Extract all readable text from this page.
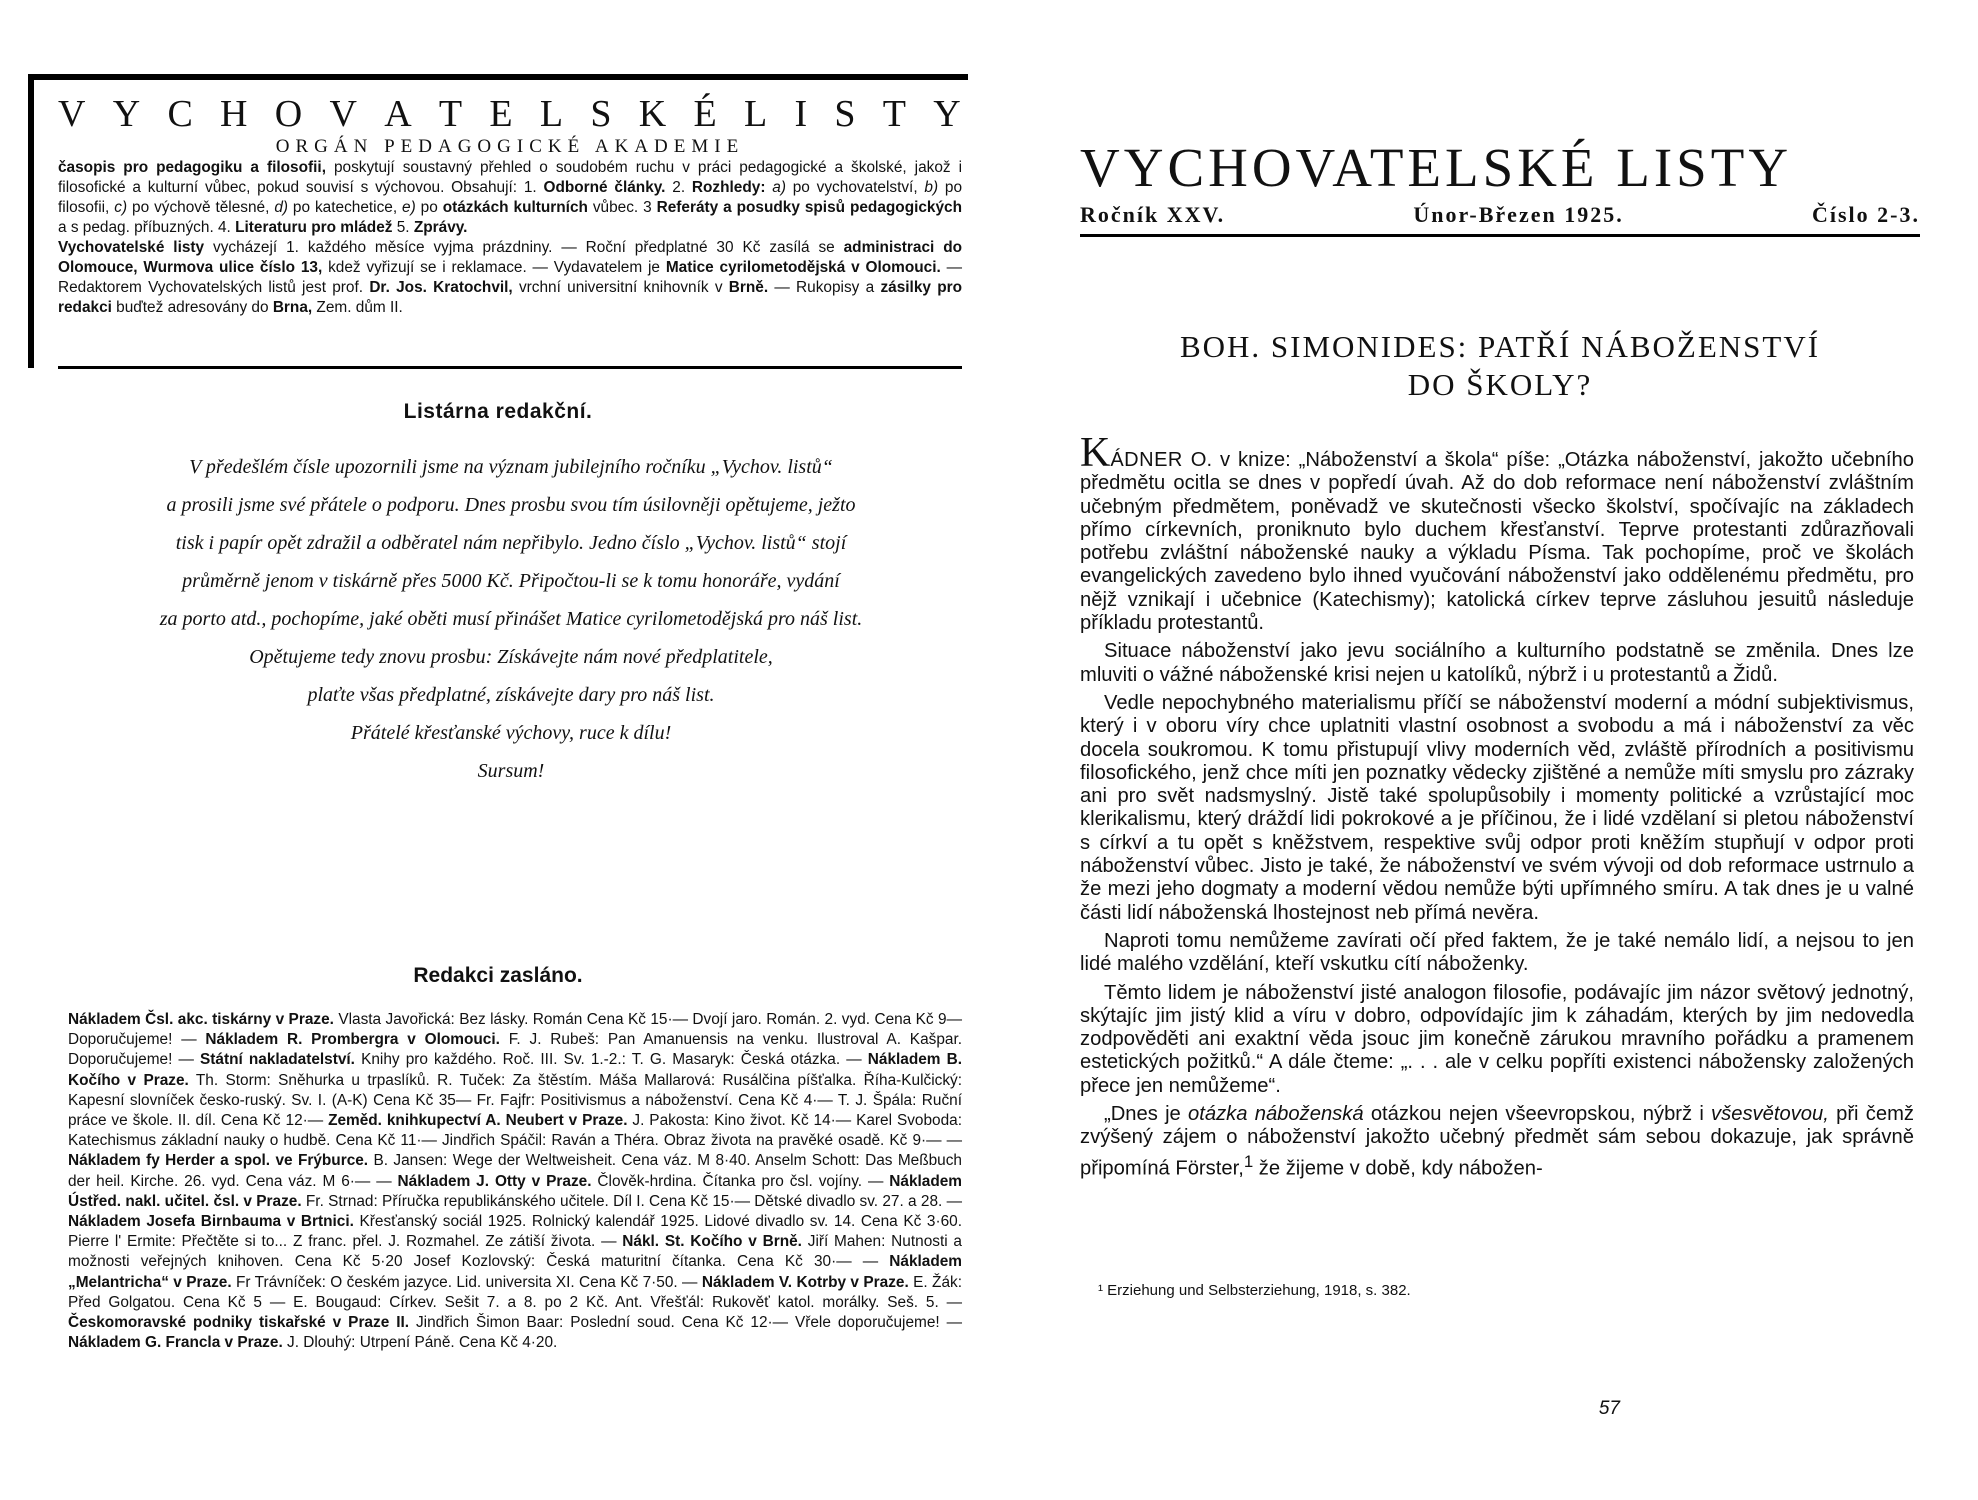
V Y C H O V A T E L S K É L I S T Y
ORGÁN PEDAGOGICKÉ AKADEMIE
časopis pro pedagogiku a filosofii, poskytují soustavný přehled o soudobém ruchu v práci pedagogické a školské, jakož i filosofické a kulturní vůbec, pokud souvisí s výchovou. Obsahují: 1. Odborné články. 2. Rozhledy: a) po vychovatelství, b) po filosofii, c) po výchově tělesné, d) po katechetice, e) po otázkách kulturních vůbec. 3 Referáty a posudky spisů pedagogických a s pedag. příbuzných. 4. Literaturu pro mládež 5. Zprávy.
Vychovatelské listy vycházejí 1. každého měsíce vyjma prázdniny. — Roční předplatné 30 Kč zasílá se administraci do Olomouce, Wurmova ulice číslo 13, kdež vyřizují se i reklamace. — Vydavatelem je Matice cyrilometodějská v Olomouci. — Redaktorem Vychovatelských listů jest prof. Dr. Jos. Kratochvil, vrchní universitní knihovník v Brně. — Rukopisy a zásilky pro redakci buďtež adresovány do Brna, Zem. dům II.
Listárna redakční.
V předešlém čísle upozornili jsme na význam jubilejního ročníku „Vychov. listů“
a prosili jsme své přátele o podporu. Dnes prosbu svou tím úsilovněji opětujeme, ježto
tisk i papír opět zdražil a odběratel nám nepřibylo. Jedno číslo „Vychov. listů“ stojí
průměrně jenom v tiskárně přes 5000 Kč. Připočtou-li se k tomu honoráře, vydání
za porto atd., pochopíme, jaké oběti musí přinášet Matice cyrilometodějská pro náš list.
Opětujeme tedy znovu prosbu: Získávejte nám nové předplatitele,
plaťte všas předplatné, získávejte dary pro náš list.
Přátelé křesťanské výchovy, ruce k dílu!
Sursum!
Redakci zasláno.
Nákladem Čsl. akc. tiskárny v Praze. Vlasta Javořická: Bez lásky. Román Cena Kč 15·— Dvojí jaro. Román. 2. vyd. Cena Kč 9— Doporučujeme! — Nákladem R. Prombergra v Olomouci. F. J. Rubeš: Pan Amanuensis na venku. Ilustroval A. Kašpar. Doporučujeme! — Státní nakladatelství. Knihy pro každého. Roč. III. Sv. 1.-2.: T. G. Masaryk: Česká otázka. — Nákladem B. Kočího v Praze. Th. Storm: Sněhurka u trpaslíků. R. Tuček: Za štěstím. Máša Mallarová: Rusálčina píšťalka. Říha-Kulčický: Kapesní slovníček česko-ruský. Sv. I. (A-K) Cena Kč 35— Fr. Fajfr: Positivismus a náboženství. Cena Kč 4·— T. J. Špála: Ruční práce ve škole. II. díl. Cena Kč 12·— Zeměd. knihkupectví A. Neubert v Praze. J. Pakosta: Kino život. Kč 14·— Karel Svoboda: Katechismus základní nauky o hudbě. Cena Kč 11·— Jindřich Spáčil: Raván a Théra. Obraz života na pravěké osadě. Kč 9·— — Nákladem fy Herder a spol. ve Frýburce. B. Jansen: Wege der Weltweisheit. Cena váz. M 8·40. Anselm Schott: Das Meßbuch der heil. Kirche. 26. vyd. Cena váz. M 6·— — Nákladem J. Otty v Praze. Člověk-hrdina. Čítanka pro čsl. vojíny. — Nákladem Ústřed. nakl. učitel. čsl. v Praze. Fr. Strnad: Příručka republikánského učitele. Díl I. Cena Kč 15·— Dětské divadlo sv. 27. a 28. — Nákladem Josefa Birnbauma v Brtnici. Křesťanský sociál 1925. Rolnický kalendář 1925. Lidové divadlo sv. 14. Cena Kč 3·60. Pierre l' Ermite: Přečtěte si to... Z franc. přel. J. Rozmahel. Ze zátiší života. — Nákl. St. Kočího v Brně. Jiří Mahen: Nutnosti a možnosti veřejných knihoven. Cena Kč 5·20 Josef Kozlovský: Česká maturitní čítanka. Cena Kč 30·— — Nákladem „Melantricha“ v Praze. Fr Trávníček: O českém jazyce. Lid. universita XI. Cena Kč 7·50. — Nákladem V. Kotrby v Praze. E. Žák: Před Golgatou. Cena Kč 5 — E. Bougaud: Církev. Sešit 7. a 8. po 2 Kč. Ant. Vřešťál: Rukověť katol. morálky. Seš. 5. — Českomoravské podniky tiskařské v Praze II. Jindřich Šimon Baar: Poslední soud. Cena Kč 12·— Vřele doporučujeme! — Nákladem G. Francla v Praze. J. Dlouhý: Utrpení Páně. Cena Kč 4·20.
VYCHOVATELSKÉ LISTY
Ročník XXV.	Únor-Březen 1925.	Číslo 2-3.
BOH. SIMONIDES: PATŘÍ NÁBOŽENSTVÍ
DO ŠKOLY?

KÁDNER O. v knize: „Náboženství a škola“ píše: „Otázka náboženství, jakožto učebního předmětu ocitla se dnes v popředí úvah. Až do dob reformace není náboženství zvláštním učebným předmětem, poněvadž ve skutečnosti všecko školství, spočívajíc na základech přímo církevních, proniknuto bylo duchem křesťanství. Teprve protestanti zdůrazňovali potřebu zvláštní náboženské nauky a výkladu Písma. Tak pochopíme, proč ve školách evangelických zavedeno bylo ihned vyučování náboženství jako oddělenému předmětu, pro nějž vznikají i učebnice (Katechismy); katolická církev teprve zásluhou jesuitů následuje příkladu protestantů.

Situace náboženství jako jevu sociálního a kulturního podstatně se změnila. Dnes lze mluviti o vážné náboženské krisi nejen u katolíků, nýbrž i u protestantů a Židů.

Vedle nepochybného materialismu příčí se náboženství moderní a módní subjektivismus, který i v oboru víry chce uplatniti vlastní osobnost a svobodu a má i náboženství za věc docela soukromou. K tomu přistupují vlivy moderních věd, zvláště přírodních a positivismu filosofického, jenž chce míti jen poznatky vědecky zjištěné a nemůže míti smyslu pro zázraky ani pro svět nadsmyslný. Jistě také spolupůsobily i momenty politické a vzrůstající moc klerikalismu, který dráždí lidi pokrokové a je příčinou, že i lidé vzdělaní si pletou náboženství s církví a tu opět s kněžstvem, respektive svůj odpor proti kněžím stupňují v odpor proti náboženství vůbec. Jisto je také, že náboženství ve svém vývoji od dob reformace ustrnulo a že mezi jeho dogmaty a moderní vědou nemůže býti upřímného smíru. A tak dnes je u valné části lidí náboženská lhostejnost neb přímá nevěra.

Naproti tomu nemůžeme zavírati očí před faktem, že je také nemálo lidí, a nejsou to jen lidé malého vzdělání, kteří vskutku cítí náboženky.

Těmto lidem je náboženství jisté analogon filosofie, podávajíc jim názor světový jednotný, skýtajíc jim jistý klid a víru v dobro, odpovídajíc jim k záhadám, kterých by jim nedovedla zodpověděti ani exaktní věda jsouc jim konečně zárukou mravního pořádku a pramenem estetických požitků.“ A dále čteme: „. . . ale v celku popříti existenci nábožensky založených přece jen nemůžeme“.

„Dnes je otázka náboženská otázkou nejen všeevropskou, nýbrž i všesvětovou, při čemž zvýšený zájem o náboženství jakožto učebný předmět sám sebou dokazuje, jak správně připomíná Förster,$^1$ že žijeme v době, kdy nábožen-

¹ Erziehung und Selbsterziehung, 1918, s. 382.
57
